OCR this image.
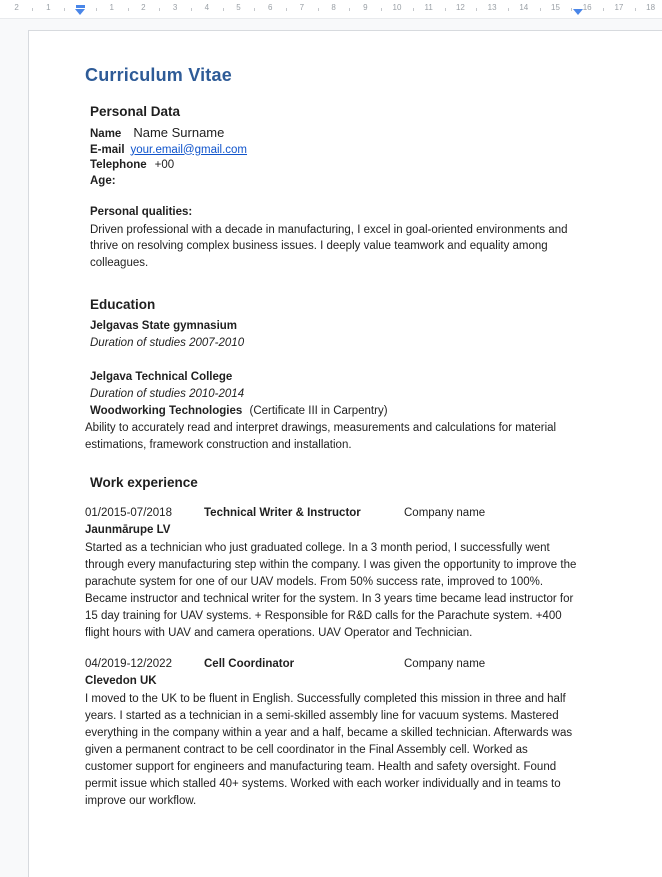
2	1	1	2	3	4	5	6	7	8	9	10	11	12	13	14	15	16	17	18
Curriculum Vitae
Personal Data
Name Name Surname
E-mail your.email@gmail.com
Telephone +00
Age:
Personal qualities:

Driven professional with a decade in manufacturing, I excel in goal-oriented environments and thrive on resolving complex business issues. I deeply value teamwork and equality among colleagues.

Education
Jelgavas State gymnasium
Duration of studies 2007-2010
Jelgava Technical College
Duration of studies 2010-2014
Woodworking Technologies (Certificate III in Carpentry)

Ability to accurately read and interpret drawings, measurements and calculations for material estimations, framework construction and installation.

Work experience
01/2015-07/2018	Technical Writer & Instructor	Company name
Jaunmārupe LV

Started as a technician who just graduated college. In a 3 month period, I successfully went through every manufacturing step within the company. I was given the opportunity to improve the parachute system for one of our UAV models. From 50% success rate, improved to 100%. Became instructor and technical writer for the system. In 3 years time became lead instructor for 15 day training for UAV systems. + Responsible for R&D calls for the Parachute system. +400 flight hours with UAV and camera operations. UAV Operator and Technician.

04/2019-12/2022	Cell Coordinator	Company name
Clevedon UK

I moved to the UK to be fluent in English. Successfully completed this mission in three and half years. I started as a technician in a semi-skilled assembly line for vacuum systems. Mastered everything in the company within a year and a half, became a skilled technician. Afterwards was given a permanent contract to be cell coordinator in the Final Assembly cell. Worked as customer support for engineers and manufacturing team. Health and safety oversight. Found permit issue which stalled 40+ systems. Worked with each worker individually and in teams to improve our workflow.
